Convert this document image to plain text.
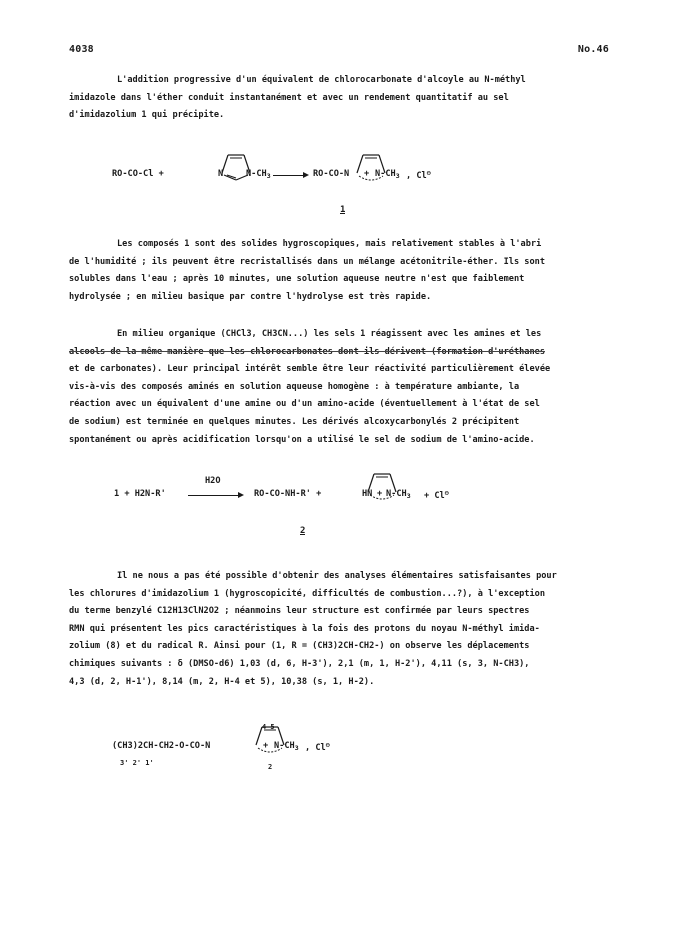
4038	No.46
L'addition progressive d'un équivalent de chlorocarbonate d'alcoyle au N-méthyl
imidazole dans l'éther conduit instantanément et avec un rendement quantitatif au sel
d'imidazolium 1 qui précipite.
RO-CO-Cl +	N	$N-CH_3 \to RO-CO-N + N-CH_3$ , Cl⊖
1
Les composés 1 sont des solides hygroscopiques, mais relativement stables à l'abri
de l'humidité ; ils peuvent être recristallisés dans un mélange acétonitrile-éther. Ils sont
solubles dans l'eau ; après 10 minutes, une solution aqueuse neutre n'est que faiblement
hydrolysée ; en milieu basique par contre l'hydrolyse est très rapide.
En milieu organique (CHCl3, CH3CN...) les sels 1 réagissent avec les amines et les
alcools de la même manière que les chlorocarbonates dont ils dérivent (formation d'uréthanes
et de carbonates). Leur principal intérêt semble être leur réactivité particulièrement élevée
vis-à-vis des composés aminés en solution aqueuse homogène : à température ambiante, la
réaction avec un équivalent d'une amine ou d'un amino-acide (éventuellement à l'état de sel
de sodium) est terminée en quelques minutes. Les dérivés alcoxycarbonylés 2 précipitent
spontanément ou après acidification lorsqu'on a utilisé le sel de sodium de l'amino-acide.
1 + H2N-R'
H2O
→ RO-CO-NH-R' +	HN + $N-CH_3 + Cl^⊖$
2
Il ne nous a pas été possible d'obtenir des analyses élémentaires satisfaisantes pour
les chlorures d'imidazolium 1 (hygroscopicité, difficultés de combustion...?), à l'exception
du terme benzylé C12H13ClN2O2 ; néanmoins leur structure est confirmée par leurs spectres
RMN qui présentent les pics caractéristiques à la fois des protons du noyau N-méthyl imida-
zolium (8) et du radical R. Ainsi pour (1, R = (CH3)2CH-CH2-) on observe les déplacements
chimiques suivants : δ (DMSO-d6) 1,03 (d, 6, H-3'), 2,1 (m, 1, H-2'), 4,11 (s, 3, N-CH3),
4,3 (d, 2, H-1'), 8,14 (m, 2, H-4 et 5), 10,38 (s, 1, H-2).
4 5
(CH3)2CH-CH2-O-CO-N	+ $N-CH_3$ , Cl⊖
3' 2' 1'	2
